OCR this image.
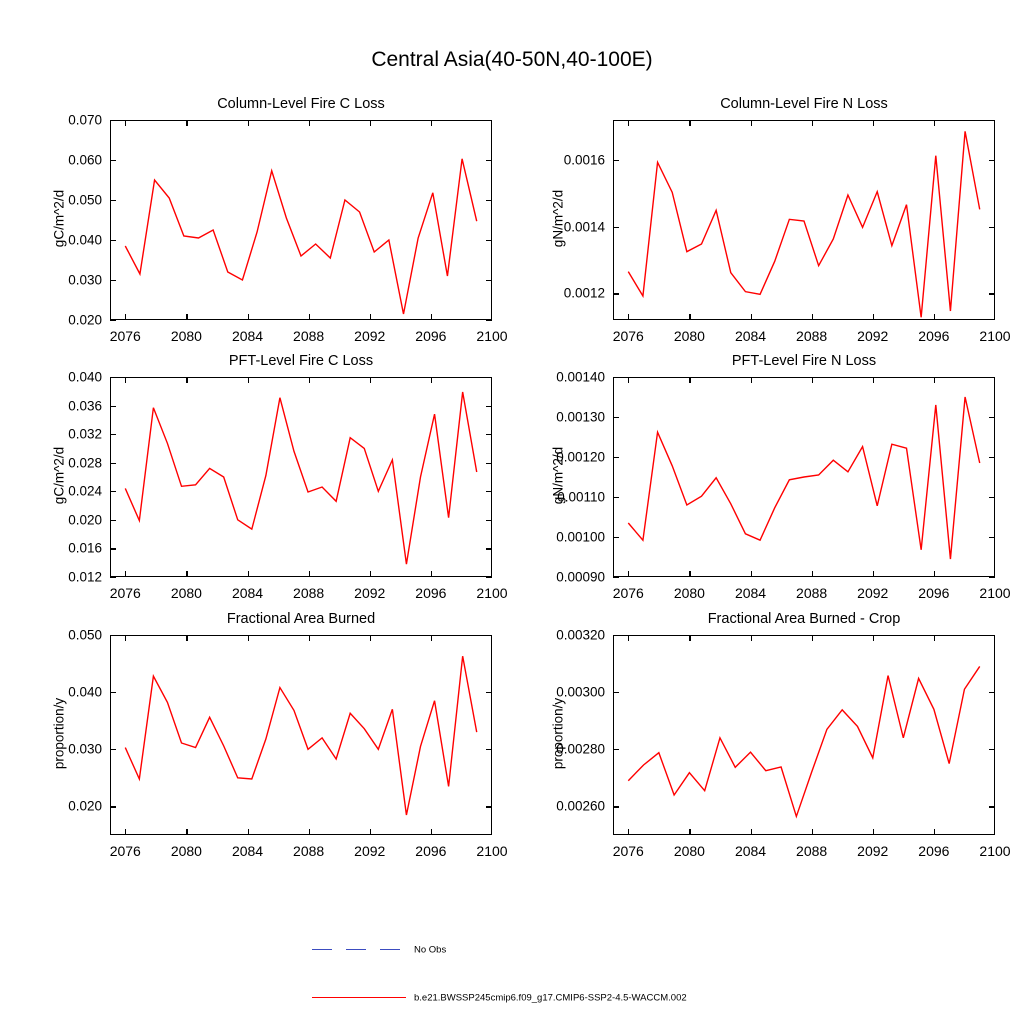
Central Asia(40-50N,40-100E)
Column-Level Fire C Loss
gC/m^2/d
0.020
0.030
0.040
0.050
0.060
0.070
2076 2080 2084 2088 2092 2096 2100
Column-Level Fire N Loss
gN/m^2/d
0.0012
0.0014
0.0016
2076 2080 2084 2088 2092 2096 2100
PFT-Level Fire C Loss
gC/m^2/d
0.012
0.016
0.020
0.024
0.028
0.032
0.036
0.040
2076 2080 2084 2088 2092 2096 2100
PFT-Level Fire N Loss
gN/m^2/d
0.00090
0.00100
0.00110
0.00120
0.00130
0.00140
2076 2080 2084 2088 2092 2096 2100
Fractional Area Burned
proportion/y
0.020
0.030
0.040
0.050
2076 2080 2084 2088 2092 2096 2100
Fractional Area Burned - Crop
proportion/y
0.00260
0.00280
0.00300
0.00320
2076 2080 2084 2088 2092 2096 2100
No Obs
b.e21.BWSSP245cmip6.f09_g17.CMIP6-SSP2-4.5-WACCM.002
